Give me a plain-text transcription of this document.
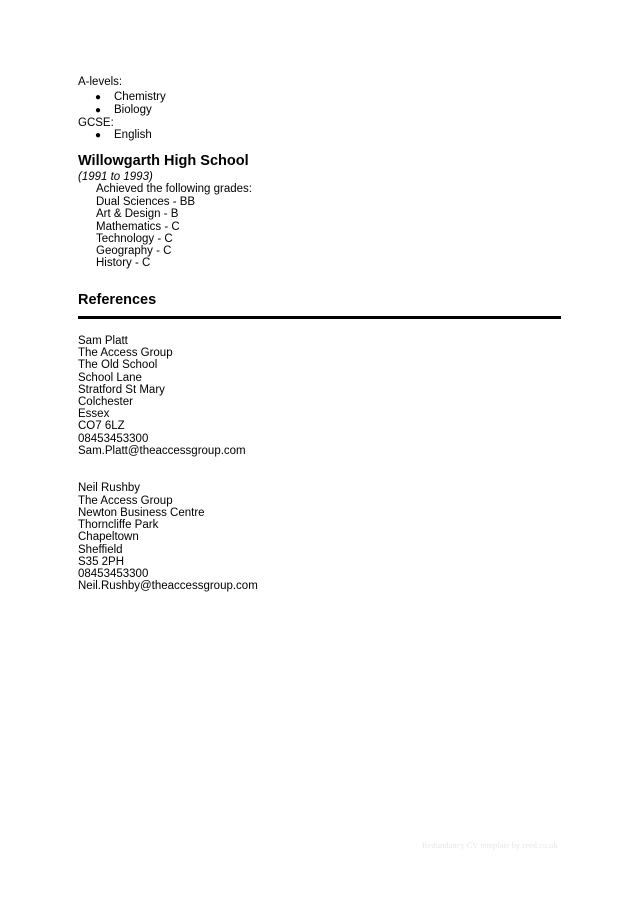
A-levels:
● Chemistry
● Biology
GCSE:
● English
Willowgarth High School
(1991 to 1993)
Achieved the following grades:
Dual Sciences - BB
Art & Design - B
Mathematics - C
Technology - C
Geography - C
History - C
References
Sam Platt
The Access Group
The Old School
School Lane
Stratford St Mary
Colchester
Essex
CO7 6LZ
08453453300
Sam.Platt@theaccessgroup.com
Neil Rushby
The Access Group
Newton Business Centre
Thorncliffe Park
Chapeltown
Sheffield
S35 2PH
08453453300
Neil.Rushby@theaccessgroup.com
Redundancy CV template by reed.co.uk
